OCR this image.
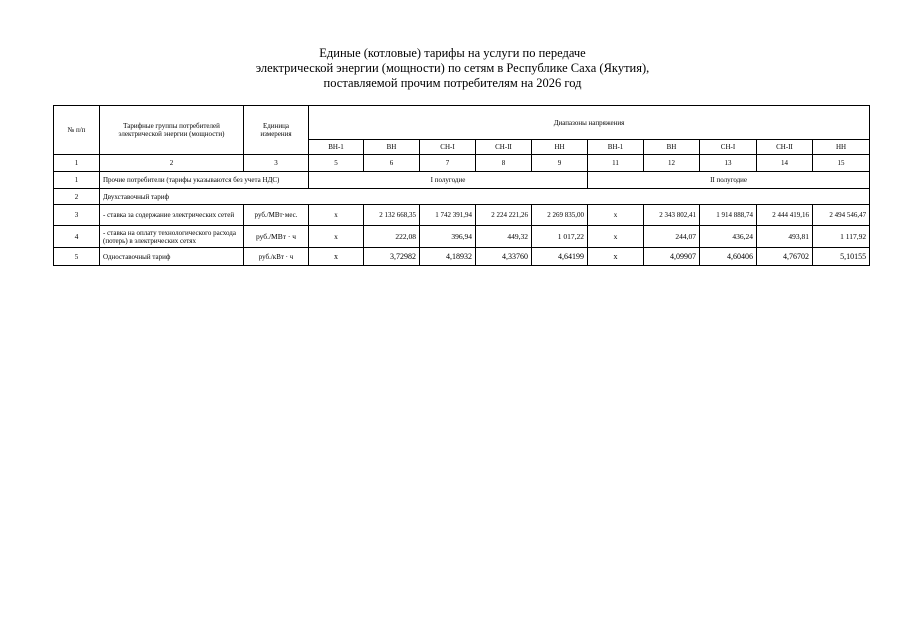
Единые (котловые) тарифы на услуги по передаче
электрической энергии (мощности) по сетям в Республике Саха (Якутия),
поставляемой прочим потребителям на 2026 год
№ п/п	Тарифные группы потребителей электрической энергии (мощности)	Единица измерения	Диапазоны напряжения									
			ВН-1	ВН	СН-I	СН-II	НН	ВН-1	ВН	СН-I	СН-II	НН
1	2	3	5	6	7	8	9	11	12	13	14	15
1	Прочие потребители (тарифы указываются без учета НДС)		I полугодие					II полугодие				
2	Двухставочный тариф											
3	- ставка за содержание электрических сетей	руб./МВт·мес.	х	2 132 668,35	1 742 391,94	2 224 221,26	2 269 835,00	х	2 343 802,41	1 914 888,74	2 444 419,16	2 494 546,47
4	- ставка на оплату технологического расхода (потерь) в электрических сетях	руб./МВт · ч	х	222,08	396,94	449,32	1 017,22	х	244,07	436,24	493,81	1 117,92
5	Одноставочный тариф	руб./кВт · ч	х	3,72982	4,18932	4,33760	4,64199	х	4,09907	4,60406	4,76702	5,10155
